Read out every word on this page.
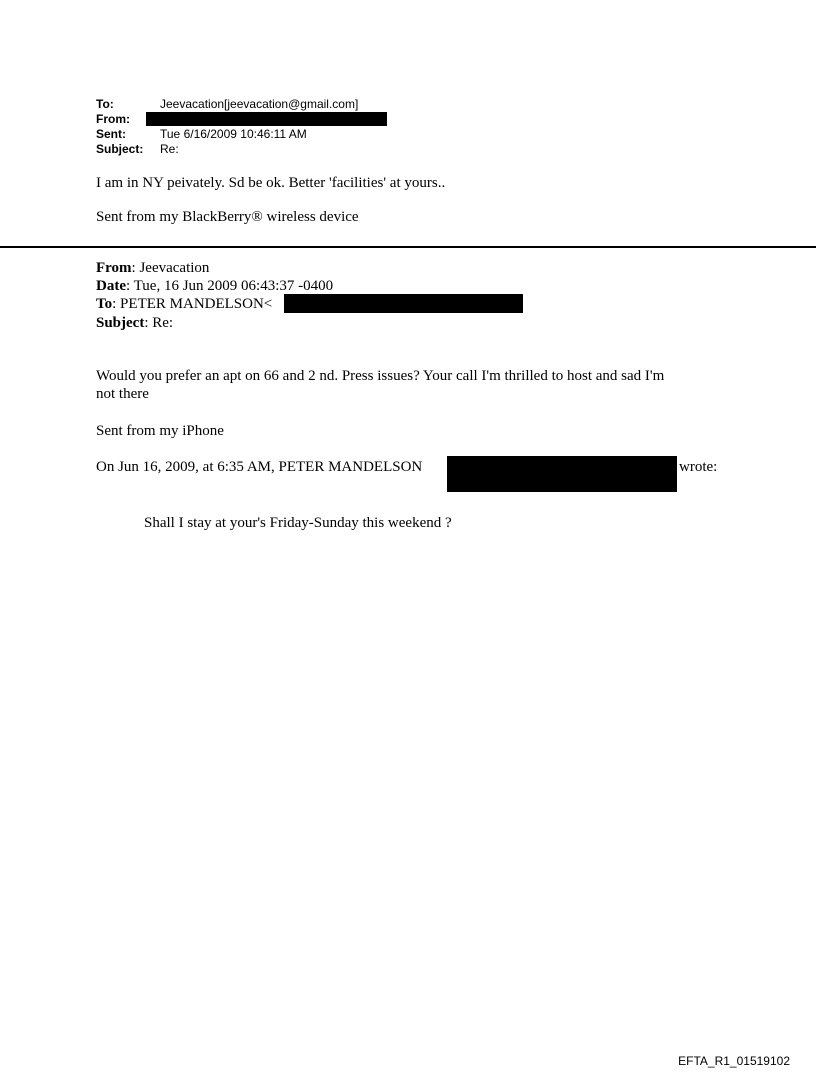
To:	Jeevacation[jeevacation@gmail.com]
From:
Sent:	Tue 6/16/2009 10:46:11 AM
Subject: Re:
I am in NY peivately. Sd be ok. Better 'facilities' at yours..
Sent from my BlackBerry® wireless device
From: Jeevacation
Date: Tue, 16 Jun 2009 06:43:37 -0400
To: PETER MANDELSON<
Subject: Re:
Would you prefer an apt on 66 and 2 nd. Press issues? Your call I'm thrilled to host and sad I'm
not there
Sent from my iPhone
On Jun 16, 2009, at 6:35 AM, PETER MANDELSON	wrote:
Shall I stay at your's Friday-Sunday this weekend ?
EFTA_R1_01519102
